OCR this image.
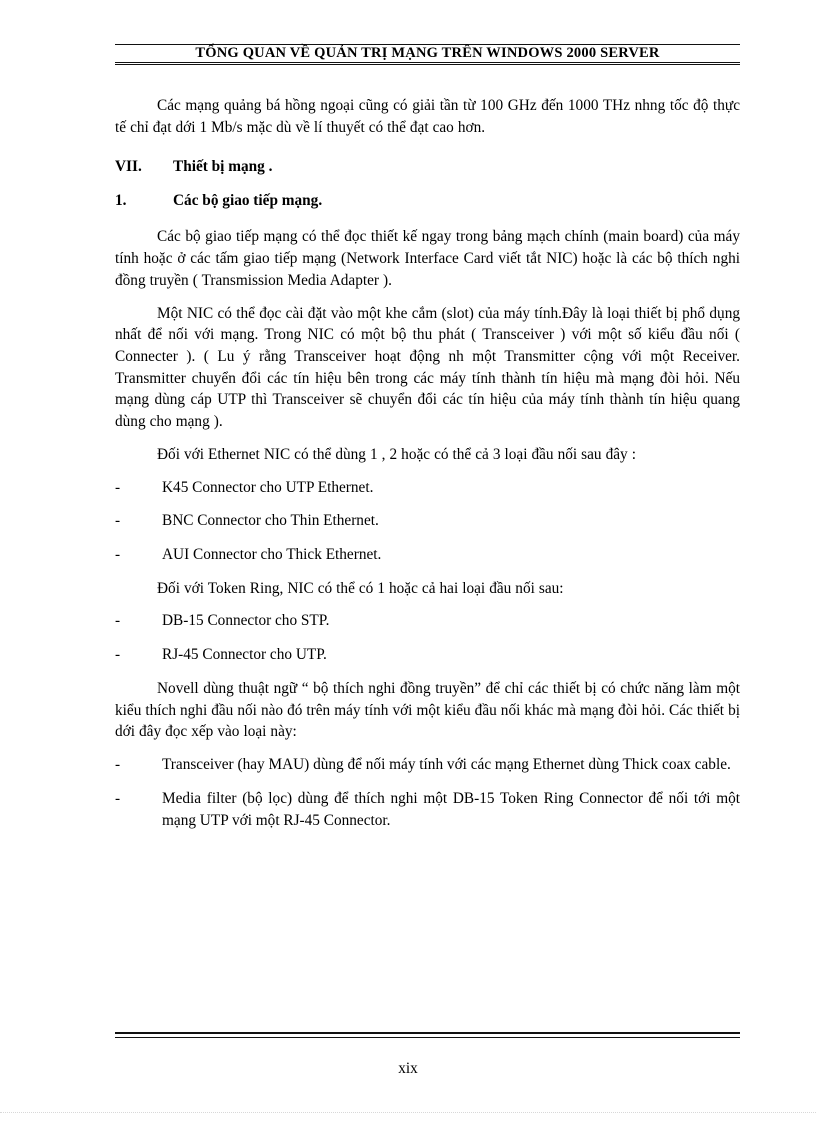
TỔNG QUAN VỀ QUẢN TRỊ MẠNG TRÊN WINDOWS 2000 SERVER

Các mạng quảng bá hồng ngoại cũng có giải tần từ 100 GHz đến 1000 THz nhng tốc độ thực tế chỉ đạt dới 1 Mb/s mặc dù về lí thuyết có thể đạt cao hơn.

VII. Thiết bị mạng .
1.	Các bộ giao tiếp mạng.

Các bộ giao tiếp mạng có thể đọc thiết kế ngay trong bảng mạch chính (main board) của máy tính hoặc ở các tấm giao tiếp mạng (Network Interface Card viết tắt NIC) hoặc là các bộ thích nghi đồng truyền ( Transmission Media Adapter ).

Một NIC có thể đọc cài đặt vào một khe cắm (slot) của máy tính.Đây là loại thiết bị phổ dụng nhất để nối với mạng. Trong NIC có một bộ thu phát ( Transceiver ) với một số kiểu đầu nối ( Connecter ). ( Lu ý rằng Transceiver hoạt động nh một Transmitter cộng với một Receiver. Transmitter chuyển đổi các tín hiệu bên trong các máy tính thành tín hiệu mà mạng đòi hỏi. Nếu mạng dùng cáp UTP thì Transceiver sẽ chuyển đổi các tín hiệu của máy tính thành tín hiệu quang dùng cho mạng ).

Đối với Ethernet NIC có thể dùng 1 , 2 hoặc có thể cả 3 loại đầu nối sau đây :

-	K45 Connector cho UTP Ethernet.
-	BNC Connector cho Thin Ethernet.
-	AUI Connector cho Thick Ethernet.

Đối với Token Ring, NIC có thể có 1 hoặc cả hai loại đầu nối sau:

-	DB-15 Connector cho STP.
-	RJ-45 Connector cho UTP.

Novell dùng thuật ngữ “ bộ thích nghi đồng truyền” để chỉ các thiết bị có chức năng làm một kiểu thích nghi đầu nối nào đó trên máy tính với một kiểu đầu nối khác mà mạng đòi hỏi. Các thiết bị dới đây đọc xếp vào loại này:

-	Transceiver (hay MAU) dùng để nối máy tính với các mạng Ethernet dùng Thick coax cable.
-	Media filter (bộ lọc) dùng để thích nghi một DB-15 Token Ring Connector để nối tới một mạng UTP với một RJ-45 Connector.
xix
